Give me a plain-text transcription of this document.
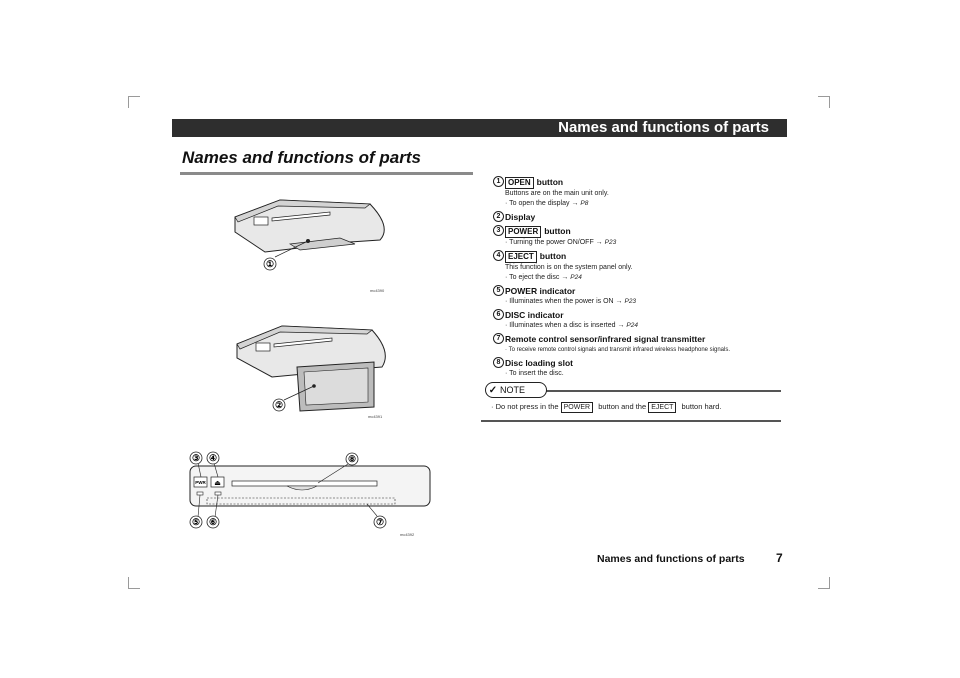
Names and functions of parts
Names and functions of parts
①
mc4390
②
mc4391
PWR ⏏
③ ④
⑤ ⑥	⑦
⑧
mc4392
1 OPEN button
Buttons are on the main unit only.
· To open the display → P8
2 Display
3 POWER button
· Turning the power ON/OFF → P23
4 EJECT button
This function is on the system panel only.
· To eject the disc → P24
5 POWER indicator
· Illuminates when the power is ON → P23
6 DISC indicator
· Illuminates when a disc is inserted → P24
7 Remote control sensor/infrared signal transmitter
· To receive remote control signals and transmit infrared wireless headphone signals.
8 Disc loading slot
· To insert the disc.
✓ NOTE
· Do not press in the POWER button and the EJECT button hard.
Names and functions of parts	7
